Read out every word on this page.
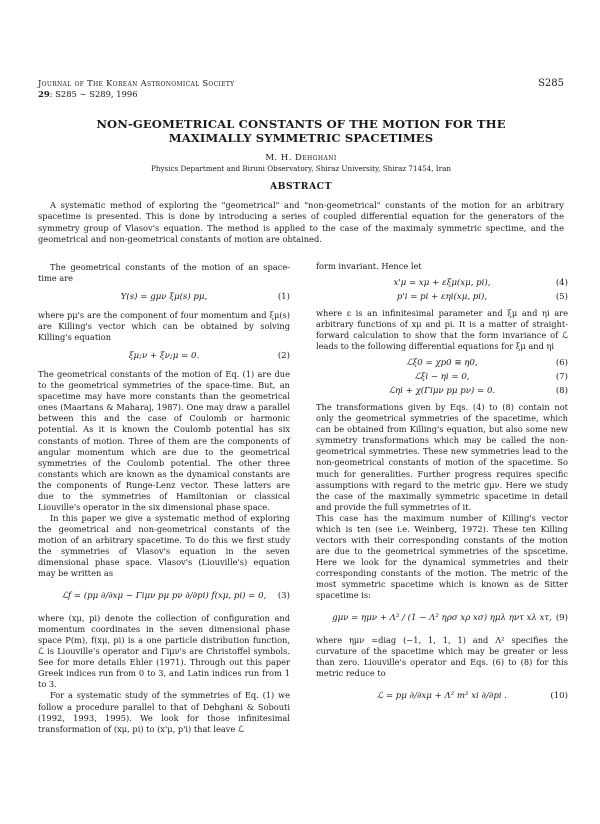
Journal of The Korean Astronomical Society
29: S285 ∼ S289, 1996
S285
NON-GEOMETRICAL CONSTANTS OF THE MOTION FOR THE
MAXIMALLY SYMMETRIC SPACETIMES
M. H. Dehghani
Physics Department and Biruni Observatory, Shiraz University, Shiraz 71454, Iran
ABSTRACT
A systematic method of exploring the "geometrical" and "non-geometrical" constants of the motion for an arbitrary spacetime is presented. This is done by introducing a series of coupled differential equation for the generators of the symmetry group of Vlasov's equation. The method is applied to the case of the maximaly symmetric spectime, and the geometrical and non-geometrical constants of motion are obtained.

The geometrical constants of the motion of an space-time are

Y(s) = gμν ξμ(s) pμ,	(1)

where pμ's are the component of four momentum and ξμ(s) are Killing's vector which can be obtained by solving Killing's equation

ξμ;ν + ξν;μ = 0.	(2)

The geometrical constants of the motion of Eq. (1) are due to the geometrical symmetries of the space-time. But, an spacetime may have more constants than the geometrical ones (Maartans & Maharaj, 1987). One may draw a parallel between this and the case of Coulomb or harmonic potential. As it is known the Coulomb potential has six constants of motion. Three of them are the components of angular momentum which are due to the geometrical symmetries of the Coulomb potential. The other three constants which are known as the dynamical constants are the components of Runge-Lenz vector. These latters are due to the symmetries of Hamiltonian or classical Liouville's operator in the six dimensional phase space.

In this paper we give a systematic method of exploring the geometrical and non-geometrical constants of the motion of an arbitrary spacetime. To do this we first study the symmetries of Vlasov's equation in the seven dimensional phase space. Vlasov's (Liouville's) equation may be written as

ℒf = (pμ ∂/∂xμ − Γiμν pμ pν ∂/∂pi) f(xμ, pi) = 0, (3)

where (xμ, pi) denote the collection of configuration and momentum coordinates in the seven dimensional phase space P(m), f(xμ, pi) is a one particle distribution function, ℒ is Liouville's operator and Γiμν's are Christoffel symbols. See for more details Ehler (1971). Through out this paper Greek indices run from 0 to 3, and Latin indices run from 1 to 3.

For a systematic study of the symmetries of Eq. (1) we follow a procedure parallel to that of Dehghani & Sobouti (1992, 1993, 1995). We look for those infinitesimal transformation of (xμ, pi) to (x'μ, p'i) that leave ℒ

form invariant. Hence let

x'μ = xμ + εξμ(xμ, pi),	(4)
p'i = pi + εηi(xμ, pi),	(5)

where ε is an infinitesimal parameter and ξμ and ηi are arbitrary functions of xμ and pi. It is a matter of straight-forward calculation to show that the form invariance of ℒ leads to the following differential equations for ξμ and ηi

ℒξ0 = χp0 ≡ η0,	(6)
ℒξi − ηi = 0,	(7)
ℒηi + χ(Γiμν pμ pν) = 0.	(8)

The transformations given by Eqs. (4) to (8) contain not only the geometrical symmetries of the spacetime, which can be obtained from Killing's equation, but also some new symmetry transformations which may be called the non-geometrical symmetries. These new symmetries lead to the non-geometrical constants of motion of the spacetime. So much for generalities. Further progress requires specific assumptions with regard to the metric gμν. Here we study the case of the maximally symmetric spacetime in detail and provide the full symmetries of it.

This case has the maximum number of Killing's vector which is ten (see i.e. Weinberg, 1972). These ten Killing vectors with their corresponding constants of the motion are due to the geometrical symmetries of the spscetime. Here we look for the dynamical symmetries and their corresponding constants of the motion. The metric of the most symmetric spacetime which is known as de Sitter spacetime is:

gμν = ημν + Λ² / (1 − Λ² ηρσ xρ xσ) ημλ ηντ xλ xτ, (9)

where ημν =diag (−1, 1, 1, 1) and Λ² specifies the curvature of the spacetime which may be greater or less than zero. Liouville's operator and Eqs. (6) to (8) for this metric reduce to

ℒ = pμ ∂/∂xμ + Λ² m² xi ∂/∂pi .	(10)
